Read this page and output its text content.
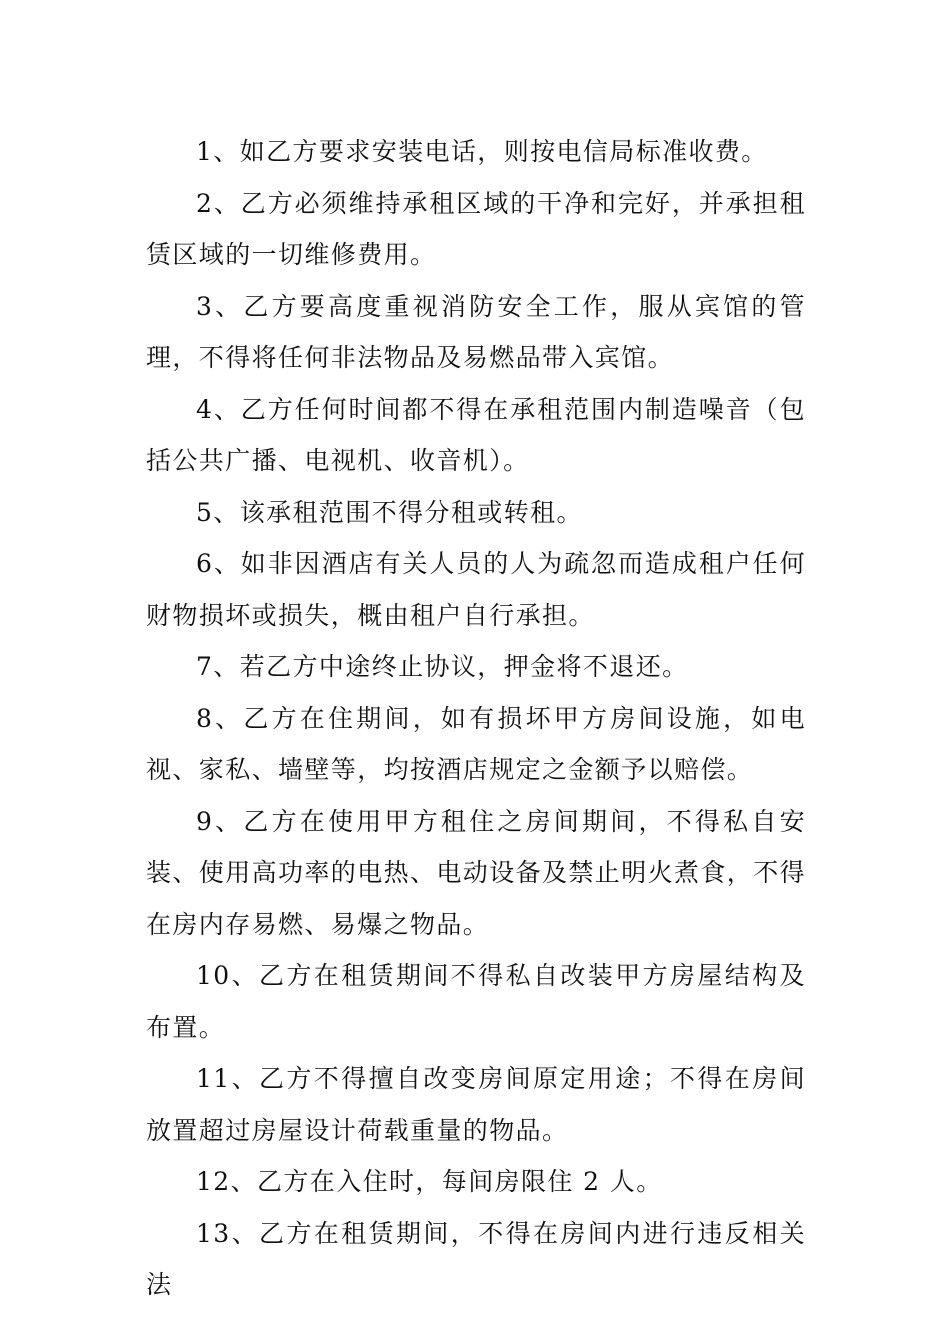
1、如乙方要求安装电话，则按电信局标准收费。

2、乙方必须维持承租区域的干净和完好，并承担租赁区域的一切维修费用。

3、乙方要高度重视消防安全工作，服从宾馆的管理，不得将任何非法物品及易燃品带入宾馆。

4、乙方任何时间都不得在承租范围内制造噪音（包括公共广播、电视机、收音机）。

5、该承租范围不得分租或转租。

6、如非因酒店有关人员的人为疏忽而造成租户任何财物损坏或损失，概由租户自行承担。

7、若乙方中途终止协议，押金将不退还。

8、乙方在住期间，如有损坏甲方房间设施，如电视、家私、墙壁等，均按酒店规定之金额予以赔偿。

9、乙方在使用甲方租住之房间期间，不得私自安装、使用高功率的电热、电动设备及禁止明火煮食，不得在房内存易燃、易爆之物品。

10、乙方在租赁期间不得私自改装甲方房屋结构及布置。

11、乙方不得擅自改变房间原定用途；不得在房间放置超过房屋设计荷载重量的物品。

12、乙方在入住时，每间房限住 2 人。

13、乙方在租赁期间，不得在房间内进行违反相关法
